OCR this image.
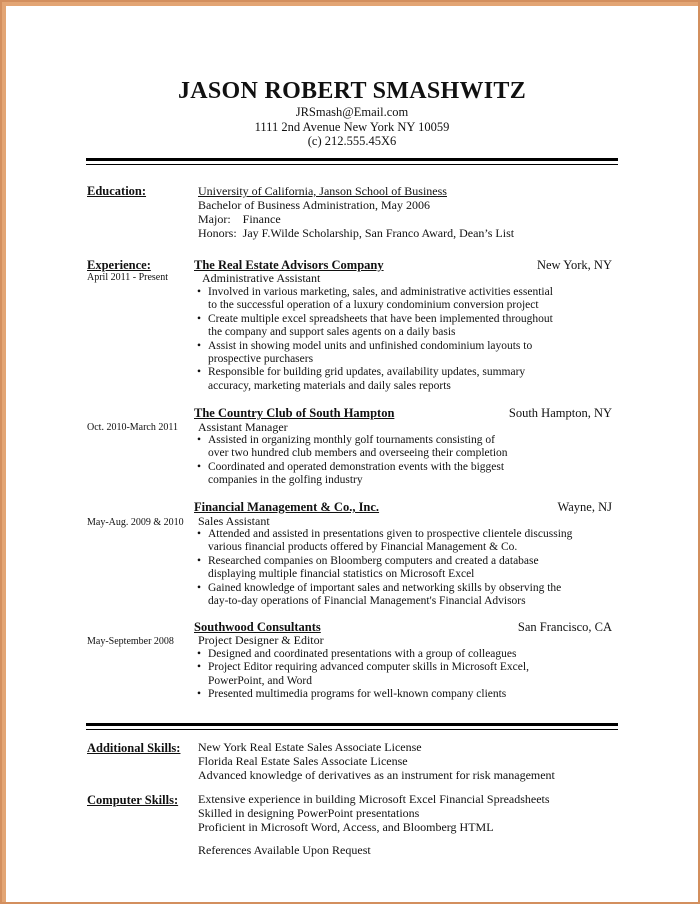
JASON ROBERT SMASHWITZ
JRSmash@Email.com
1111 2nd Avenue New York NY 10059
(c) 212.555.45X6
Education:	University of California, Janson School of Business
Bachelor of Business Administration, May 2006
Major:    Finance
Honors:  Jay F.Wilde Scholarship, San Franco Award, Dean’s List
Experience:
April 2011 - Present
The Real Estate Advisors Company	New York, NY
Administrative Assistant
• Involved in various marketing, sales, and administrative activities essential to the successful operation of a luxury condominium conversion project
• Create multiple excel spreadsheets that have been implemented throughout the company and support sales agents on a daily basis
• Assist in showing model units and unfinished condominium layouts to prospective purchasers
• Responsible for building grid updates, availability updates, summary accuracy, marketing materials and daily sales reports
The Country Club of South Hampton	South Hampton, NY
Oct. 2010-March 2011 Assistant Manager
• Assisted in organizing monthly golf tournaments consisting of over two hundred club members and overseeing their completion
• Coordinated and operated demonstration events with the biggest companies in the golfing industry
Financial Management & Co., Inc.	Wayne, NJ
May-Aug. 2009 & 2010 Sales Assistant
• Attended and assisted in presentations given to prospective clientele discussing various financial products offered by Financial Management & Co.
• Researched companies on Bloomberg computers and created a database displaying multiple financial statistics on Microsoft Excel
• Gained knowledge of important sales and networking skills by observing the day-to-day operations of Financial Management's Financial Advisors
Southwood Consultants	San Francisco, CA
May-September 2008 Project Designer & Editor
• Designed and coordinated presentations with a group of colleagues
• Project Editor requiring advanced computer skills in Microsoft Excel, PowerPoint, and Word
• Presented multimedia programs for well-known company clients
Additional Skills: New York Real Estate Sales Associate License
Florida Real Estate Sales Associate License
Advanced knowledge of derivatives as an instrument for risk management
Computer Skills: Extensive experience in building Microsoft Excel Financial Spreadsheets
Skilled in designing PowerPoint presentations
Proficient in Microsoft Word, Access, and Bloomberg HTML
References Available Upon Request
